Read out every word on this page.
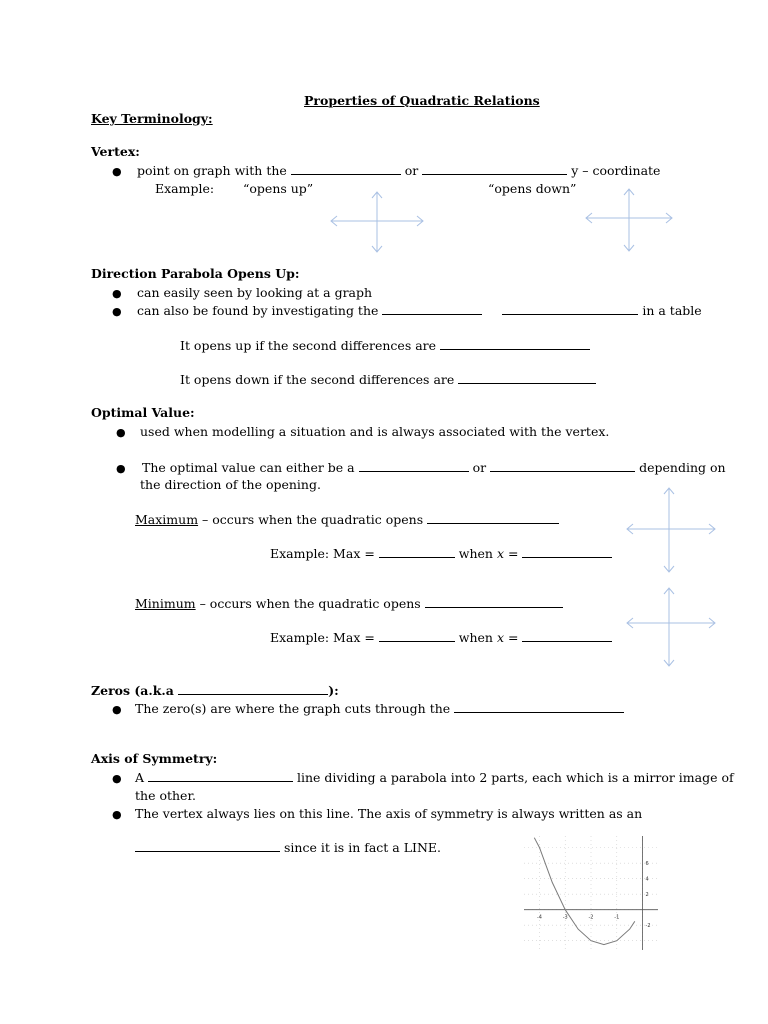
Properties of Quadratic Relations
Key Terminology:
Vertex:
● point on graph with the	or	y – coordinate
Example: “opens up”	“opens down”
Direction Parabola Opens Up:
● can easily seen by looking at a graph
● can also be found by investigating the	in a table
It opens up if the second differences are
It opens down if the second differences are
Optimal Value:
● used when modelling a situation and is always associated with the vertex.
● The optimal value can either be a	or	depending on
the direction of the opening.
Maximum – occurs when the quadratic opens
Example: Max =	when x =
Minimum – occurs when the quadratic opens
Example: Max =	when x =
Zeros (a.k.a	):
● The zero(s) are where the graph cuts through the
Axis of Symmetry:
● A	line dividing a parabola into 2 parts, each which is a mirror image of
the other.
● The vertex always lies on this line. The axis of symmetry is always written as an
since it is in fact a LINE.
-4	-3	-2	-1
6
4
2
-2
